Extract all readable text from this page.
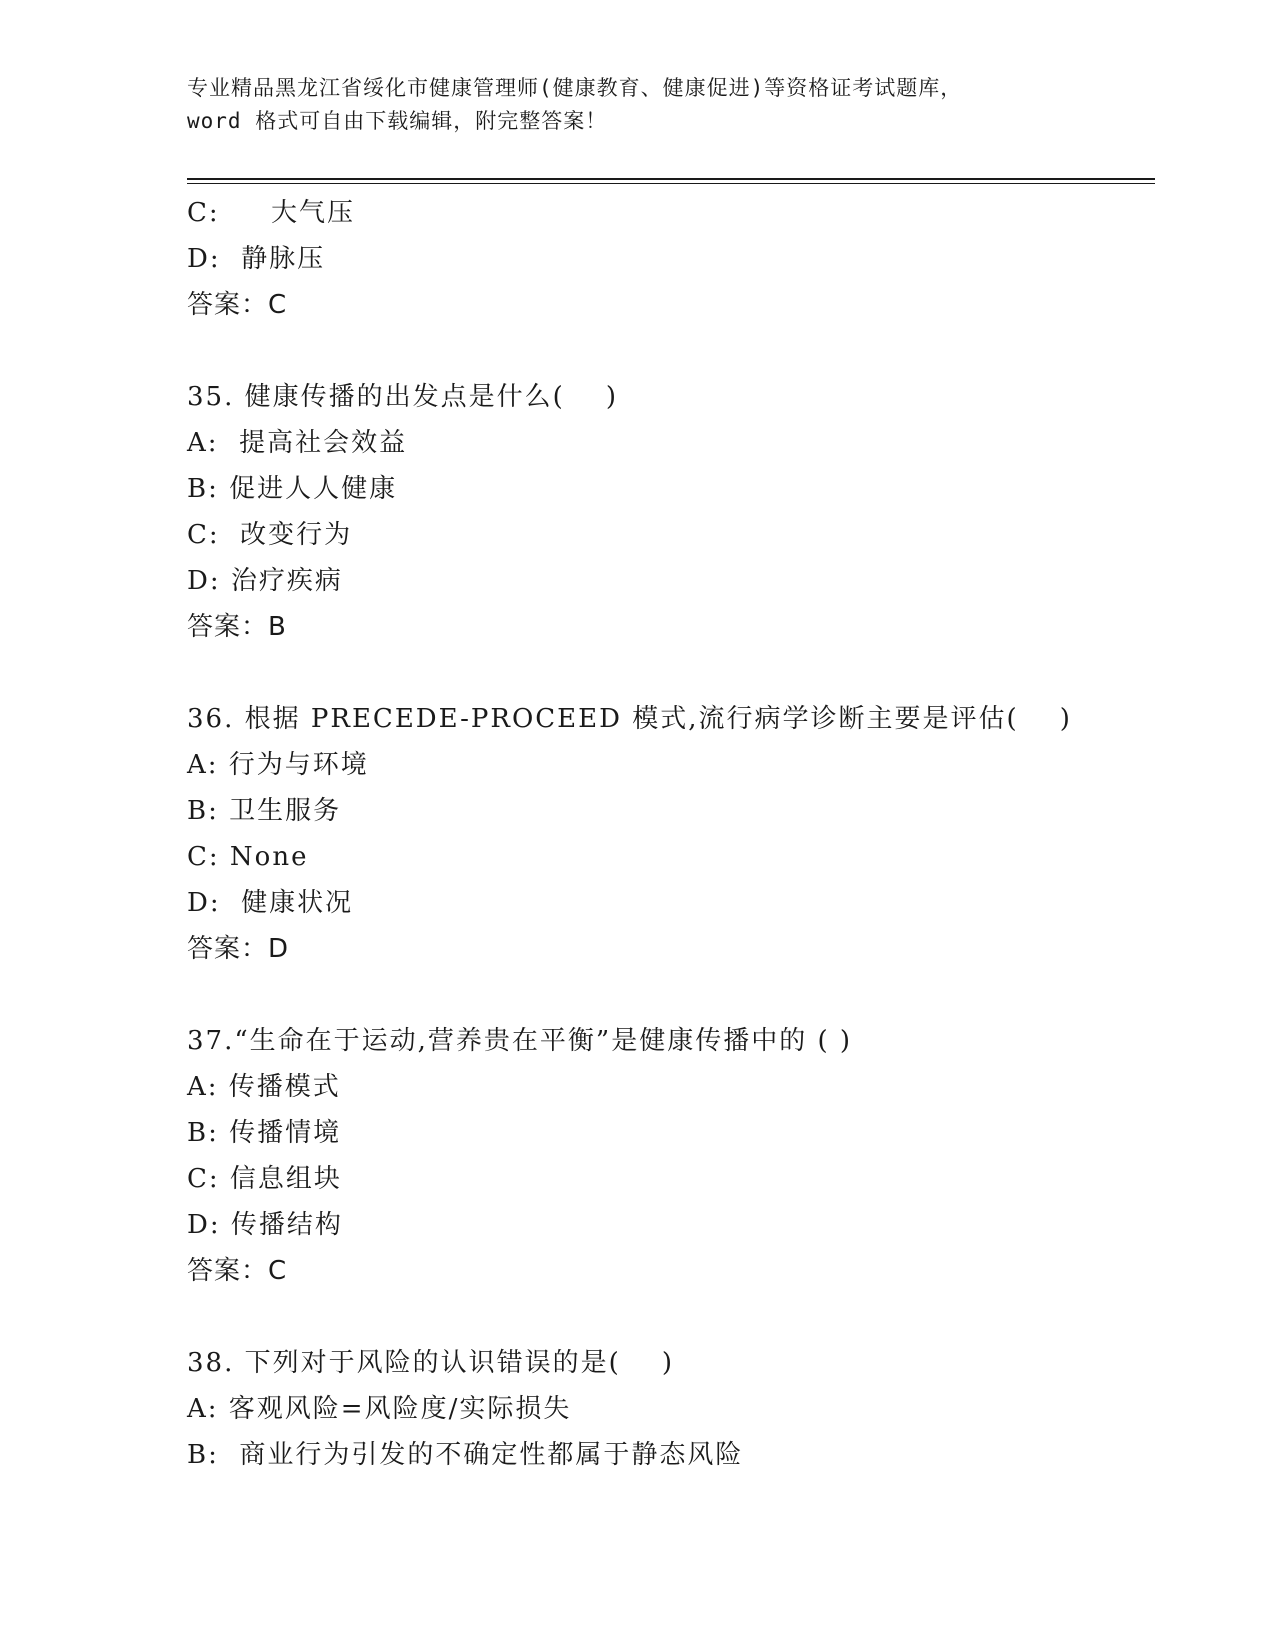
专业精品黑龙江省绥化市健康管理师(健康教育、健康促进)等资格证考试题库，
word 格式可自由下载编辑，附完整答案！
C:     大气压
D:  静脉压
答案：C
35. 健康传播的出发点是什么(    )
A:  提高社会效益
B: 促进人人健康
C:  改变行为
D: 治疗疾病
答案：B
36. 根据 PRECEDE-PROCEED 模式,流行病学诊断主要是评估(    )
A: 行为与环境
B: 卫生服务
C: None
D:  健康状况
答案：D
37.“生命在于运动,营养贵在平衡”是健康传播中的 ( )
A: 传播模式
B: 传播情境
C: 信息组块
D: 传播结构
答案：C
38. 下列对于风险的认识错误的是(    )
A: 客观风险=风险度/实际损失
B:  商业行为引发的不确定性都属于静态风险
